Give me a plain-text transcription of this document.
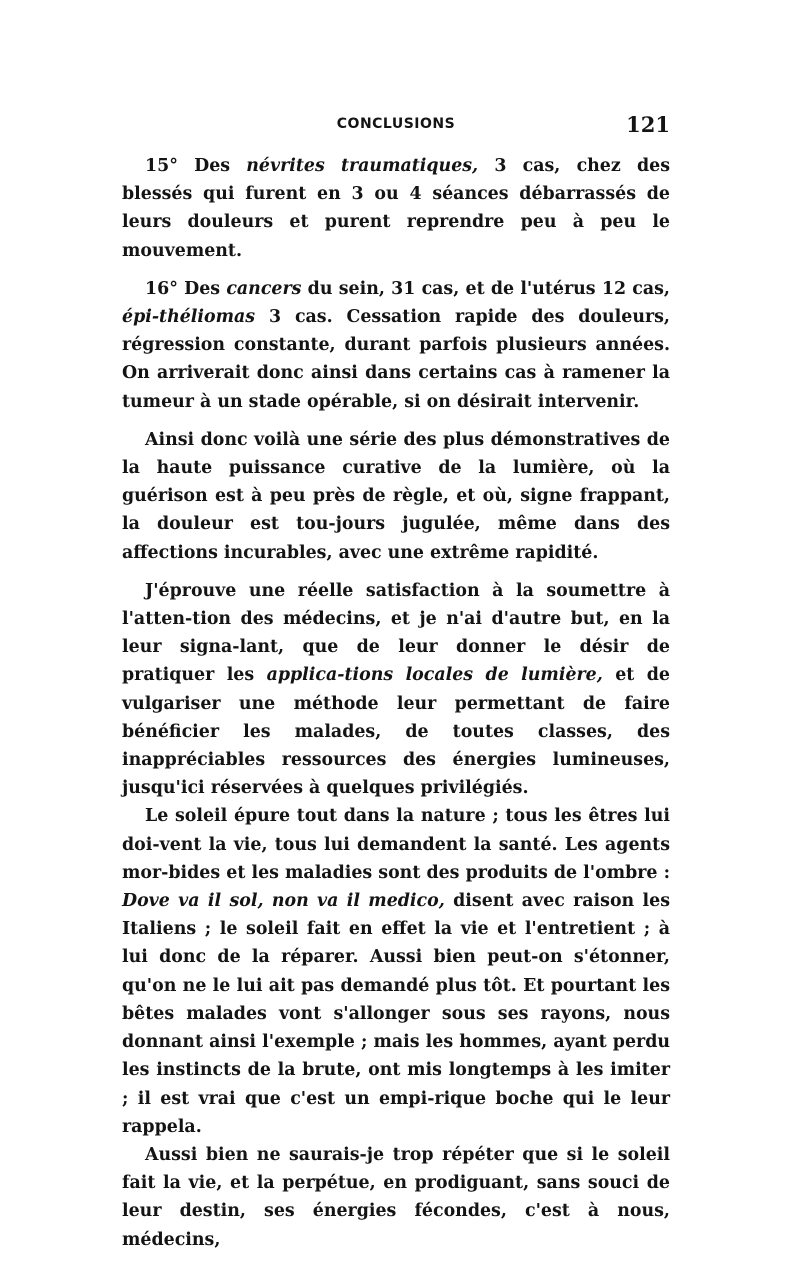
CONCLUSIONS	121

15° Des névrites traumatiques, 3 cas, chez des blessés qui furent en 3 ou 4 séances débarrassés de leurs douleurs et purent reprendre peu à peu le mouvement.

16° Des cancers du sein, 31 cas, et de l'utérus 12 cas, épi-théliomas 3 cas. Cessation rapide des douleurs, régression constante, durant parfois plusieurs années. On arriverait donc ainsi dans certains cas à ramener la tumeur à un stade opérable, si on désirait intervenir.

Ainsi donc voilà une série des plus démonstratives de la haute puissance curative de la lumière, où la guérison est à peu près de règle, et où, signe frappant, la douleur est tou-jours jugulée, même dans des affections incurables, avec une extrême rapidité.

J'éprouve une réelle satisfaction à la soumettre à l'atten-tion des médecins, et je n'ai d'autre but, en la leur signa-lant, que de leur donner le désir de pratiquer les applica-tions locales de lumière, et de vulgariser une méthode leur permettant de faire bénéficier les malades, de toutes classes, des inappréciables ressources des énergies lumineuses, jusqu'ici réservées à quelques privilégiés.

Le soleil épure tout dans la nature ; tous les êtres lui doi-vent la vie, tous lui demandent la santé. Les agents mor-bides et les maladies sont des produits de l'ombre : Dove va il sol, non va il medico, disent avec raison les Italiens ; le soleil fait en effet la vie et l'entretient ; à lui donc de la réparer. Aussi bien peut-on s'étonner, qu'on ne le lui ait pas demandé plus tôt. Et pourtant les bêtes malades vont s'allonger sous ses rayons, nous donnant ainsi l'exemple ; mais les hommes, ayant perdu les instincts de la brute, ont mis longtemps à les imiter ; il est vrai que c'est un empi-rique boche qui le leur rappela.

Aussi bien ne saurais-je trop répéter que si le soleil fait la vie, et la perpétue, en prodiguant, sans souci de leur destin, ses énergies fécondes, c'est à nous, médecins,
